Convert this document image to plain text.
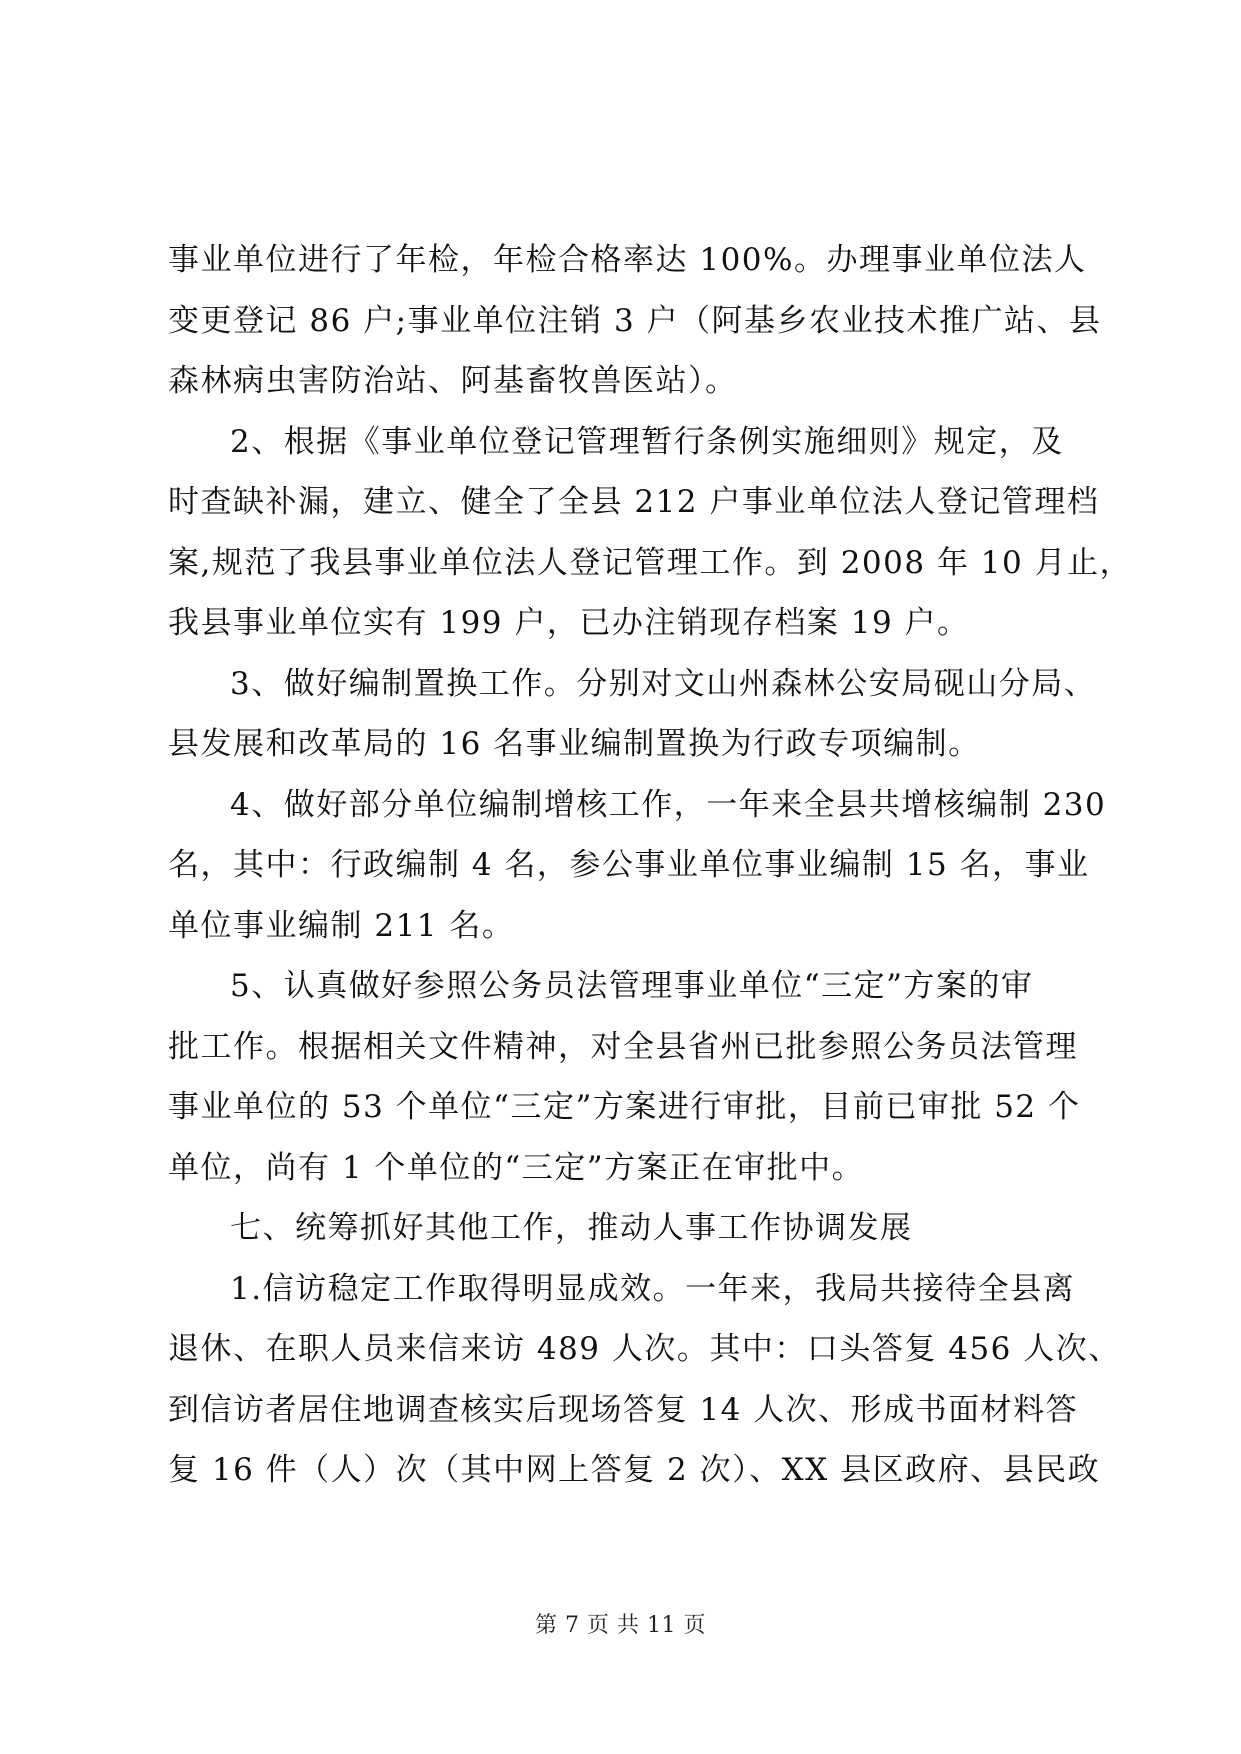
事业单位进行了年检，年检合格率达 100%。办理事业单位法人
变更登记 86 户;事业单位注销 3 户（阿基乡农业技术推广站、县
森林病虫害防治站、阿基畜牧兽医站）。
2、根据《事业单位登记管理暂行条例实施细则》规定，及
时查缺补漏，建立、健全了全县 212 户事业单位法人登记管理档
案,规范了我县事业单位法人登记管理工作。到 2008 年 10 月止，
我县事业单位实有 199 户，已办注销现存档案 19 户。
3、做好编制置换工作。分别对文山州森林公安局砚山分局、
县发展和改革局的 16 名事业编制置换为行政专项编制。
4、做好部分单位编制增核工作，一年来全县共增核编制 230
名，其中：行政编制 4 名，参公事业单位事业编制 15 名，事业
单位事业编制 211 名。
5、认真做好参照公务员法管理事业单位“三定”方案的审
批工作。根据相关文件精神，对全县省州已批参照公务员法管理
事业单位的 53 个单位“三定”方案进行审批，目前已审批 52 个
单位，尚有 1 个单位的“三定”方案正在审批中。
七、统筹抓好其他工作，推动人事工作协调发展
1.信访稳定工作取得明显成效。一年来，我局共接待全县离
退休、在职人员来信来访 489 人次。其中：口头答复 456 人次、
到信访者居住地调查核实后现场答复 14 人次、形成书面材料答
复 16 件（人）次（其中网上答复 2 次）、XX 县区政府、县民政
第 7 页 共 11 页
